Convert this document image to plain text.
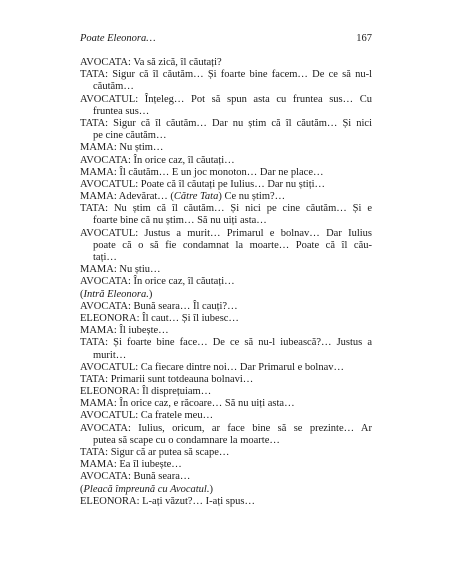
Poate Eleonora…	167
AVOCATA: Va să zică, îl căutați?
TATA: Sigur că îl căutăm… Și foarte bine facem… De ce să nu-l
căutăm…
AVOCATUL: Înțeleg… Pot să spun asta cu fruntea sus… Cu
fruntea sus…
TATA: Sigur că îl căutăm… Dar nu știm că îl căutăm… Și nici
pe cine căutăm…
MAMA: Nu știm…
AVOCATA: În orice caz, îl căutați…
MAMA: Îl căutăm… E un joc monoton… Dar ne place…
AVOCATUL: Poate că îl căutați pe Iulius… Dar nu știți…
MAMA: Adevărat… (Către Tata) Ce nu știm?…
TATA: Nu știm că îl căutăm… Și nici pe cine căutăm… Și e
foarte bine că nu știm… Să nu uiți asta…
AVOCATUL: Justus a murit… Primarul e bolnav… Dar Iulius
poate că o să fie condamnat la moarte… Poate că îl cău-
tați…
MAMA: Nu știu…
AVOCATA: În orice caz, îl căutați…
(Intră Eleonora.)
AVOCATA: Bună seara… Îl cauți?…
ELEONORA: Îl caut… Și îl iubesc…
MAMA: Îl iubește…
TATA: Și foarte bine face… De ce să nu-l iubească?… Justus a
murit…
AVOCATUL: Ca fiecare dintre noi… Dar Primarul e bolnav…
TATA: Primarii sunt totdeauna bolnavi…
ELEONORA: Îl disprețuiam…
MAMA: În orice caz, e răcoare… Să nu uiți asta…
AVOCATUL: Ca fratele meu…
AVOCATA: Iulius, oricum, ar face bine să se prezinte… Ar
putea să scape cu o condamnare la moarte…
TATA: Sigur că ar putea să scape…
MAMA: Ea îl iubește…
AVOCATA: Bună seara…
(Pleacă împreună cu Avocatul.)
ELEONORA: L-ați văzut?… I-ați spus…
